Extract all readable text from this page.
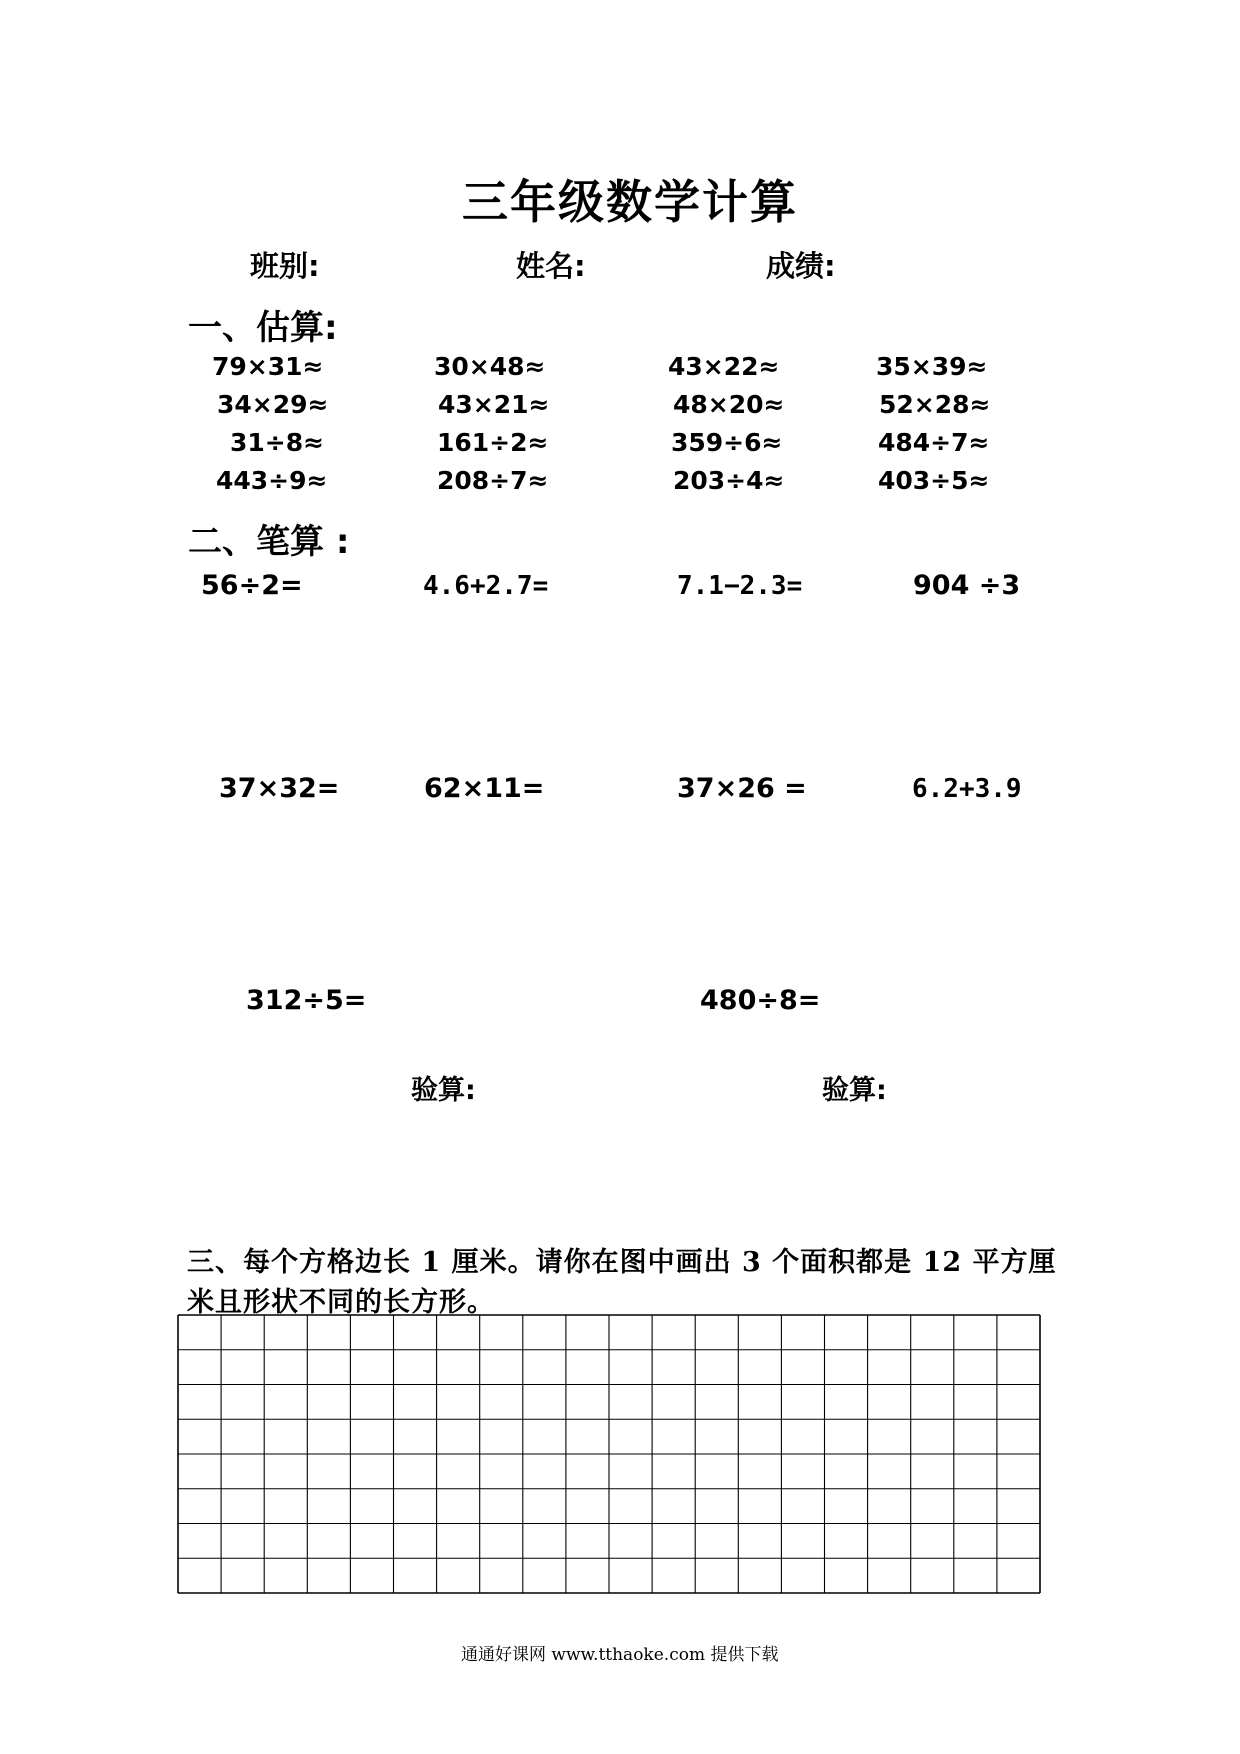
三年级数学计算
班别:	姓名:	成绩:
一、估算:
79×31≈	30×48≈	43×22≈	35×39≈
34×29≈	43×21≈	48×20≈	52×28≈
31÷8≈	161÷2≈	359÷6≈	484÷7≈
443÷9≈	208÷7≈	203÷4≈	403÷5≈
二、笔算 :
56÷2=	4.6+2.7=	7.1−2.3=	904 ÷3
37×32=	62×11=	37×26 =	6.2+3.9
312÷5=	480÷8=
验算:	验算:
三、每个方格边长 1 厘米。请你在图中画出 3 个面积都是 12 平方厘
米且形状不同的长方形。
通通好课网 www.tthaoke.com 提供下载
